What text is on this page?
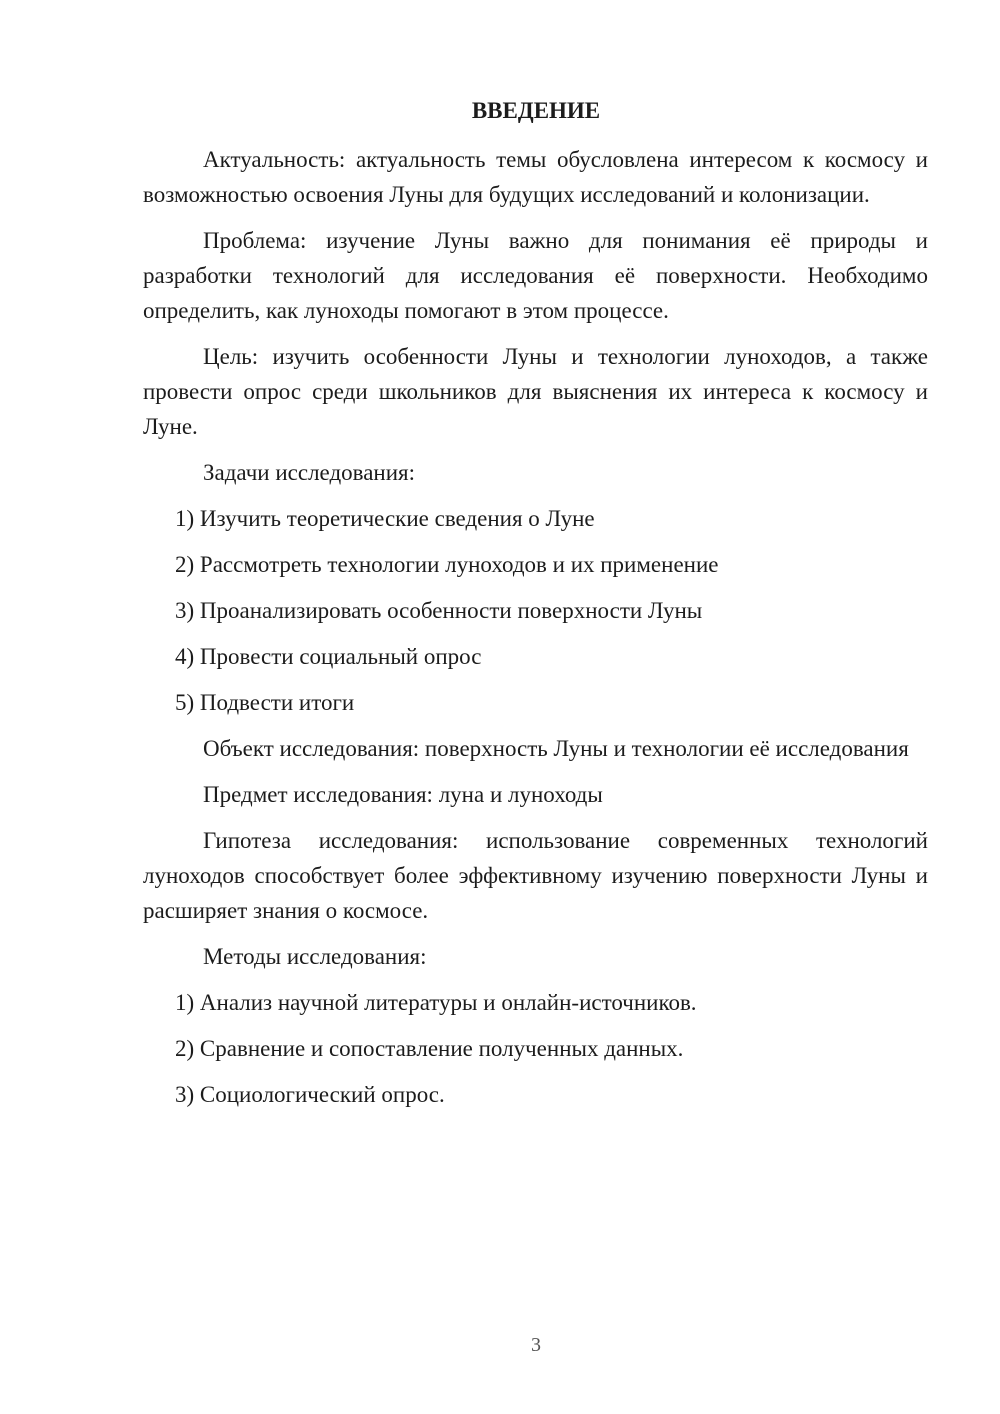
ВВЕДЕНИЕ

Актуальность: актуальность темы обусловлена интересом к космосу и возможностью освоения Луны для будущих исследований и колонизации.

Проблема: изучение Луны важно для понимания её природы и разработки технологий для исследования её поверхности. Необходимо определить, как луноходы помогают в этом процессе.

Цель: изучить особенности Луны и технологии луноходов, а также провести опрос среди школьников для выяснения их интереса к космосу и Луне.

Задачи исследования:

1) Изучить теоретические сведения о Луне
2) Рассмотреть технологии луноходов и их применение
3) Проанализировать особенности поверхности Луны
4) Провести социальный опрос
5) Подвести итоги

Объект исследования: поверхность Луны и технологии её исследования

Предмет исследования: луна и луноходы

Гипотеза исследования: использование современных технологий луноходов способствует более эффективному изучению поверхности Луны и расширяет знания о космосе.

Методы исследования:

1) Анализ научной литературы и онлайн-источников.
2) Сравнение и сопоставление полученных данных.
3) Социологический опрос.
3
